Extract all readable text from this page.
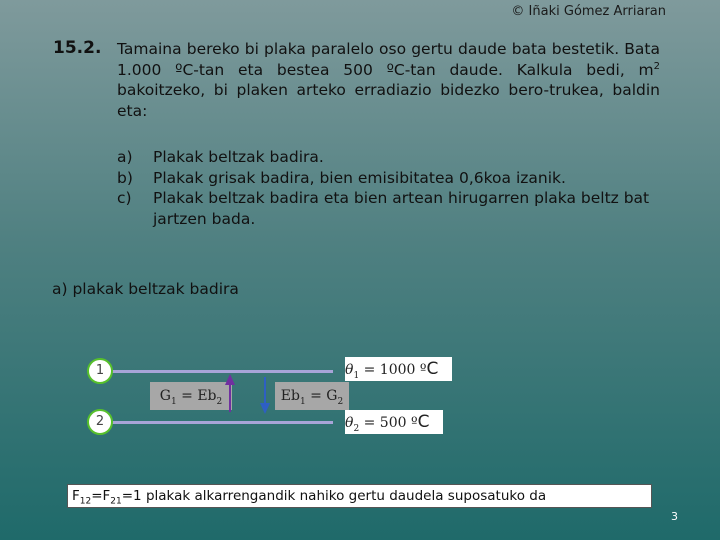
© Iñaki Gómez Arriaran
15.2. Tamaina bereko bi plaka paralelo oso gertu daude bata bestetik. Bata 1.000 ºC-tan eta bestea 500 ºC-tan daude. Kalkula bedi, $m^2$ bakoitzeko, bi plaken arteko erradiazio bidezko bero-trukea, baldin eta:
a)	Plakak beltzak badira.
b)	Plakak grisak badira, bien emisibitatea 0,6koa izanik.
c)	Plakak beltzak badira eta bien artean hirugarren plaka beltz bat jartzen bada.
a) plakak beltzak badira
1
2
$G_1 = Eb_2$	$Eb_1 = G_2$
$\theta_1 = 1000$ ºC
$\theta_2 = 500$ ºC
$F_{12}=F_{21}=1$ plakak alkarrengandik nahiko gertu daudela suposatuko da
3
